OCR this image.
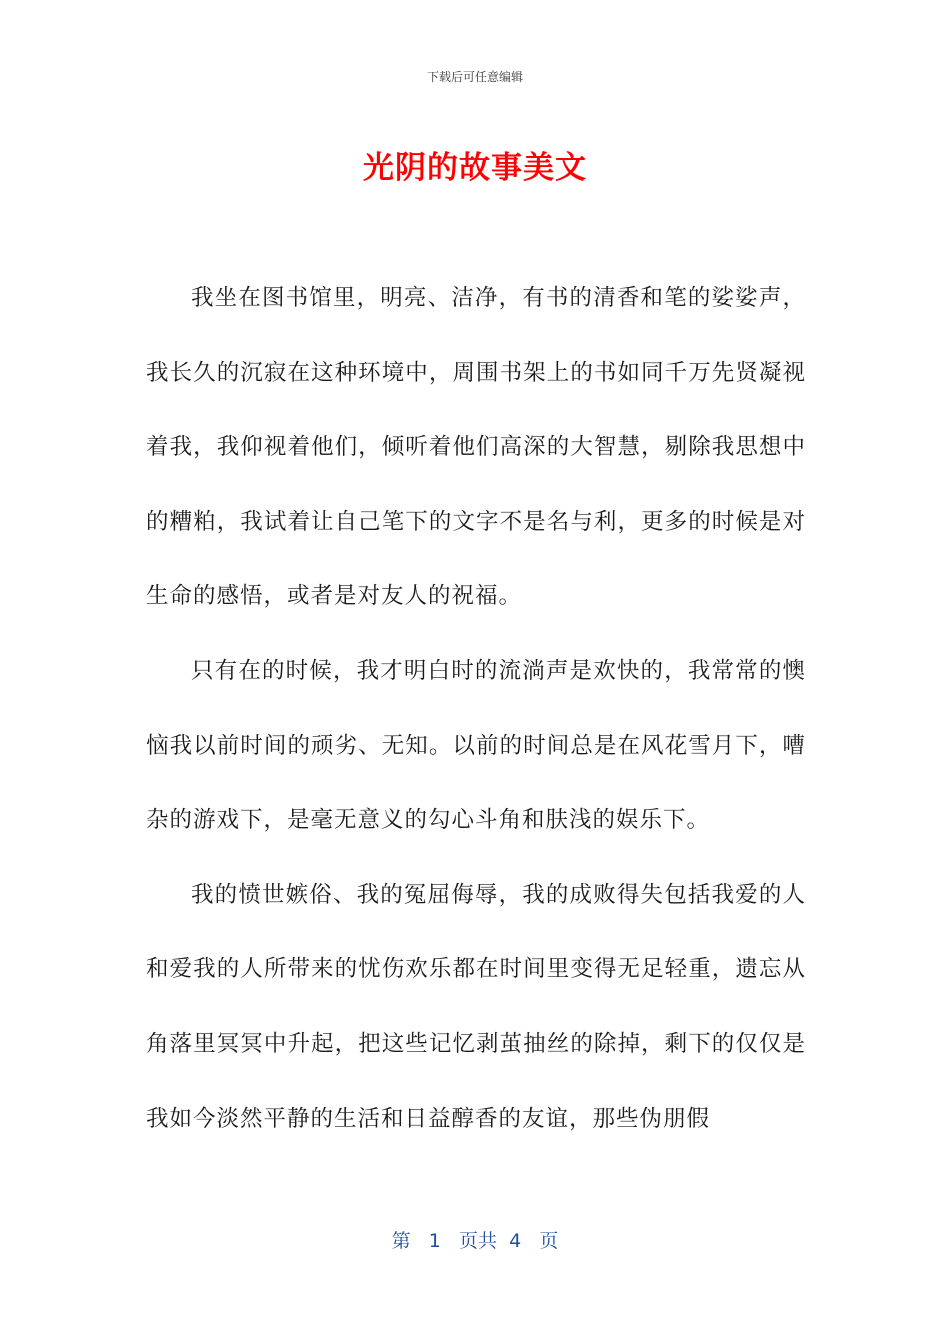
下载后可任意编辑
光阴的故事美文

我坐在图书馆里，明亮、洁净，有书的清香和笔的娑娑声，我长久的沉寂在这种环境中，周围书架上的书如同千万先贤凝视着我，我仰视着他们，倾听着他们高深的大智慧，剔除我思想中的糟粕，我试着让自己笔下的文字不是名与利，更多的时候是对生命的感悟，或者是对友人的祝福。

只有在的时候，我才明白时的流淌声是欢快的，我常常的懊恼我以前时间的顽劣、无知。以前的时间总是在风花雪月下，嘈杂的游戏下，是毫无意义的勾心斗角和肤浅的娱乐下。

我的愤世嫉俗、我的冤屈侮辱，我的成败得失包括我爱的人和爱我的人所带来的忧伤欢乐都在时间里变得无足轻重，遗忘从角落里冥冥中升起，把这些记忆剥茧抽丝的除掉，剩下的仅仅是我如今淡然平静的生活和日益醇香的友谊，那些伪朋假

第 1 页共 4 页
